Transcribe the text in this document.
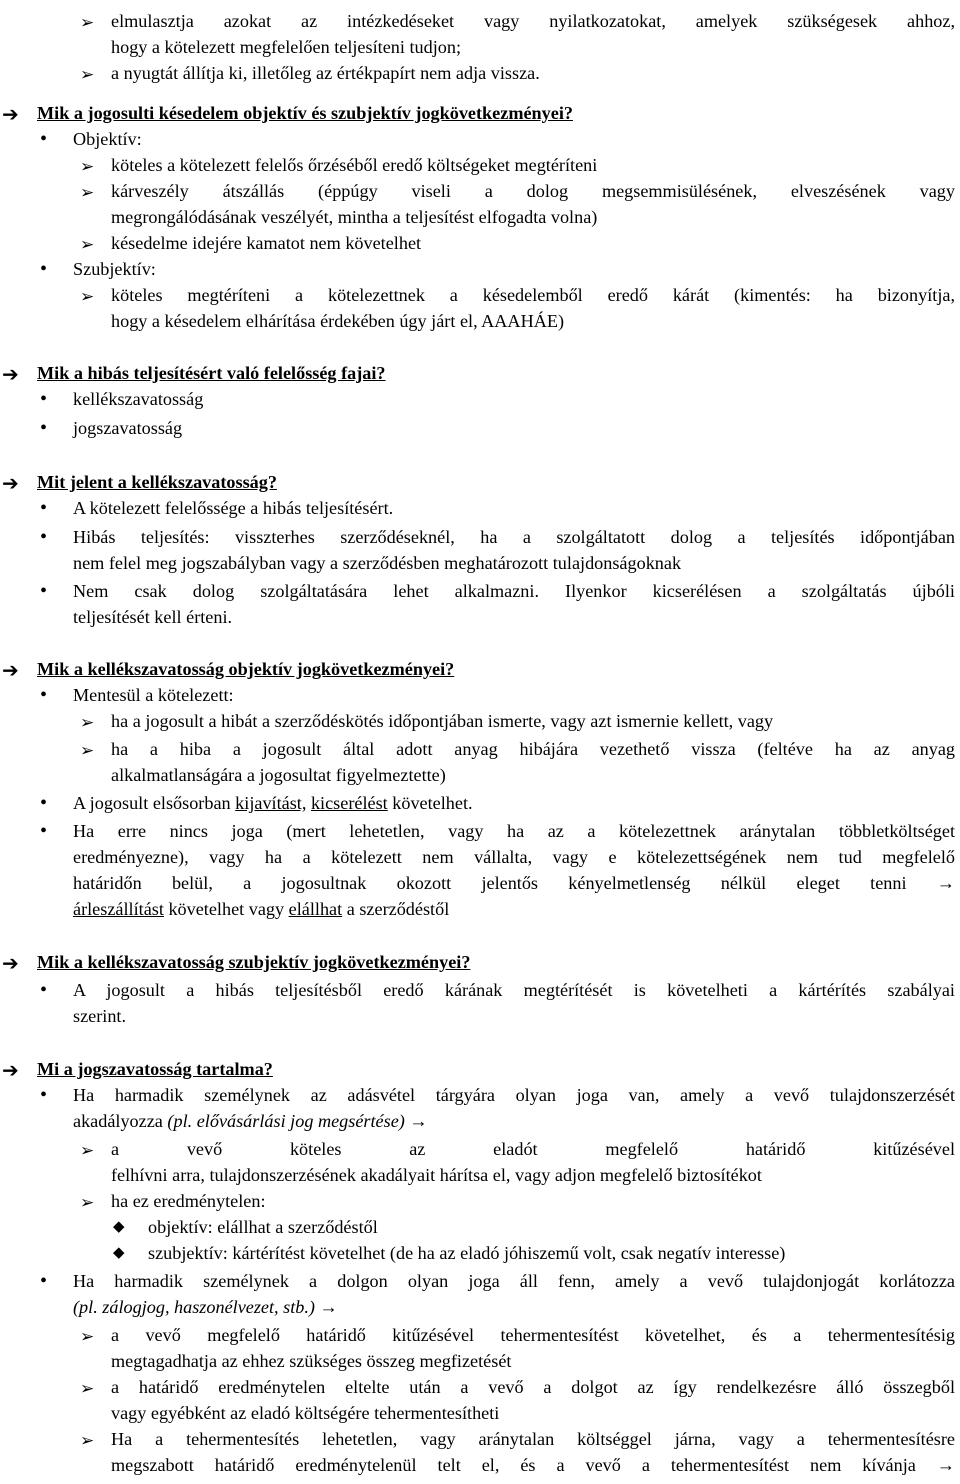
➢ elmulasztja azokat az intézkedéseket vagy nyilatkozatokat, amelyek szükségesek ahhoz,
hogy a kötelezett megfelelően teljesíteni tudjon;
➢ a nyugtát állítja ki, illetőleg az értékpapírt nem adja vissza.
➔ Mik a jogosulti késedelem objektív és szubjektív jogkövetkezményei?
• Objektív:
➢ köteles a kötelezett felelős őrzéséből eredő költségeket megtéríteni
➢ kárveszély átszállás (éppúgy viseli a dolog megsemmisülésének, elveszésének vagy
megrongálódásának veszélyét, mintha a teljesítést elfogadta volna)
➢ késedelme idejére kamatot nem követelhet
• Szubjektív:
➢ köteles megtéríteni a kötelezettnek a késedelemből eredő kárát (kimentés: ha bizonyítja,
hogy a késedelem elhárítása érdekében úgy járt el, AAAHÁE)
➔ Mik a hibás teljesítésért való felelősség fajai?
• kellékszavatosság
• jogszavatosság
➔ Mit jelent a kellékszavatosság?
• A kötelezett felelőssége a hibás teljesítésért.
• Hibás teljesítés: visszterhes szerződéseknél, ha a szolgáltatott dolog a teljesítés időpontjában
nem felel meg jogszabályban vagy a szerződésben meghatározott tulajdonságoknak
• Nem csak dolog szolgáltatására lehet alkalmazni. Ilyenkor kicserélésen a szolgáltatás újbóli
teljesítését kell érteni.
➔ Mik a kellékszavatosság objektív jogkövetkezményei?
• Mentesül a kötelezett:
➢ ha a jogosult a hibát a szerződéskötés időpontjában ismerte, vagy azt ismernie kellett, vagy
➢ ha a hiba a jogosult által adott anyag hibájára vezethető vissza (feltéve ha az anyag
alkalmatlanságára a jogosultat figyelmeztette)
• A jogosult elsősorban kijavítást, kicserélést követelhet.
• Ha erre nincs joga (mert lehetetlen, vagy ha az a kötelezettnek aránytalan többletköltséget
eredményezne), vagy ha a kötelezett nem vállalta, vagy e kötelezettségének nem tud megfelelő
határidőn belül, a jogosultnak okozott jelentős kényelmetlenség nélkül eleget tenni →
árleszállítást követelhet vagy elállhat a szerződéstől
➔ Mik a kellékszavatosság szubjektív jogkövetkezményei?
• A jogosult a hibás teljesítésből eredő kárának megtérítését is követelheti a kártérítés szabályai
szerint.
➔ Mi a jogszavatosság tartalma?
• Ha harmadik személynek az adásvétel tárgyára olyan joga van, amely a vevő tulajdonszerzését
akadályozza (pl. elővásárlási jog megsértése) →
➢ a vevő köteles az eladót megfelelő határidő kitűzésével
felhívni arra, tulajdonszerzésének akadályait hárítsa el, vagy adjon megfelelő biztosítékot
➢ ha ez eredménytelen:
◆ objektív: elállhat a szerződéstől
◆ szubjektív: kártérítést követelhet (de ha az eladó jóhiszemű volt, csak negatív interesse)
• Ha harmadik személynek a dolgon olyan joga áll fenn, amely a vevő tulajdonjogát korlátozza
(pl. zálogjog, haszonélvezet, stb.) →
➢ a vevő megfelelő határidő kitűzésével tehermentesítést követelhet, és a tehermentesítésig
megtagadhatja az ehhez szükséges összeg megfizetését
➢ a határidő eredménytelen eltelte után a vevő a dolgot az így rendelkezésre álló összegből
vagy egyébként az eladó költségére tehermentesítheti
➢ Ha a tehermentesítés lehetetlen, vagy aránytalan költséggel járna, vagy a tehermentesítésre
megszabott határidő eredménytelenül telt el, és a vevő a tehermentesítést nem kívánja →
